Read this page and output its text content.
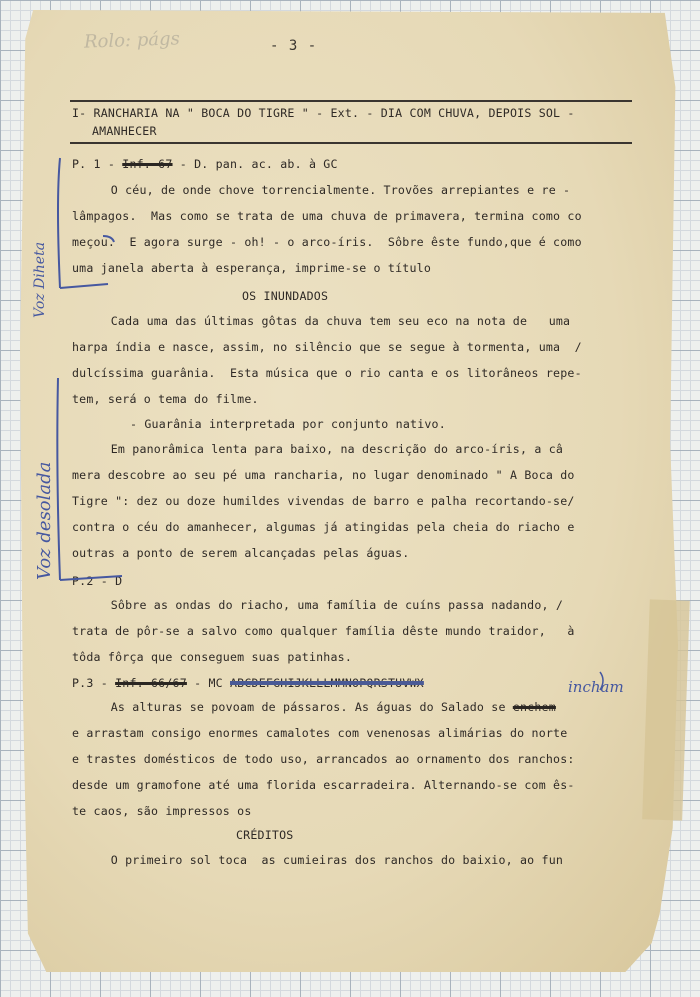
Rolo: págs	- 3 -
I- RANCHARIA NA " BOCA DO TIGRE " - Ext. - DIA COM CHUVA, DEPOIS SOL -
AMANHECER
P. 1 - Inf. 67 - D. pan. ac. ab. à GC
O céu, de onde chove torrencialmente. Trovões arrepiantes e re -
lâmpagos.  Mas como se trata de uma chuva de primavera, termina como co
meçou.  E agora surge - oh! - o arco-íris.  Sôbre êste fundo,que é como
uma janela aberta à esperança, imprime-se o título
OS INUNDADOS
Cada uma das últimas gôtas da chuva tem seu eco na nota de   uma
harpa índia e nasce, assim, no silêncio que se segue à tormenta, uma  /
dulcíssima guarânia.  Esta música que o rio canta e os litorâneos repe-
tem, será o tema do filme.
- Guarânia interpretada por conjunto nativo.
Em panorâmica lenta para baixo, na descrição do arco-íris, a câ
mera descobre ao seu pé uma rancharia, no lugar denominado " A Boca do
Tigre ": dez ou doze humildes vivendas de barro e palha recortando-se/
contra o céu do amanhecer, algumas já atingidas pela cheia do riacho e
outras a ponto de serem alcançadas pelas águas.
P.2 - D
Sôbre as ondas do riacho, uma família de cuíns passa nadando, /
trata de pôr-se a salvo como qualquer família dêste mundo traidor,   à
tôda fôrça que conseguem suas patinhas.
P.3 - Inf. 66/67 - MC ABCDEFGHIJKLLLMMNOPQRSTUVWX	incham
As alturas se povoam de pássaros. As águas do Salado se enchem
e arrastam consigo enormes camalotes com venenosas alimárias do norte
e trastes domésticos de todo uso, arrancados ao ornamento dos ranchos:
desde um gramofone até uma florida escarradeira. Alternando-se com ês-
te caos, são impressos os
CRÉDITOS
O primeiro sol toca  as cumieiras dos ranchos do baixio, ao fun
Voz Diheta
Voz desolada
